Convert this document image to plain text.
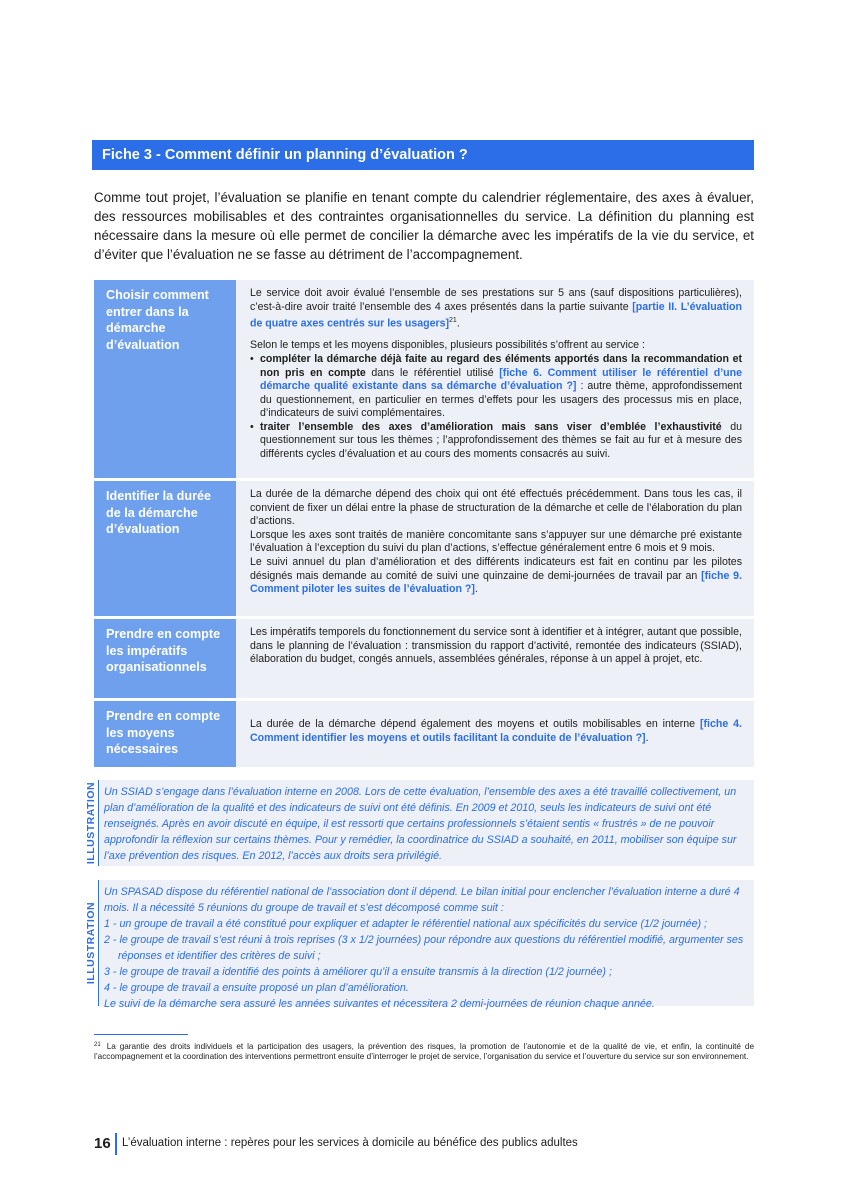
Fiche 3 - Comment définir un planning d’évaluation ?
Comme tout projet, l’évaluation se planifie en tenant compte du calendrier réglementaire, des axes à évaluer, des ressources mobilisables et des contraintes organisationnelles du service. La définition du planning est nécessaire dans la mesure où elle permet de concilier la démarche avec les impératifs de la vie du service, et d’éviter que l’évaluation ne se fasse au détriment de l’accompagnement.
Choisir comment entrer dans la démarche d’évaluation

Le service doit avoir évalué l’ensemble de ses prestations sur 5 ans (sauf dispositions particulières), c’est-à-dire avoir traité l’ensemble des 4 axes présentés dans la partie suivante [partie II. L’évaluation de quatre axes centrés sur les usagers]$^{21}$.

Selon le temps et les moyens disponibles, plusieurs possibilités s’offrent au service :

• compléter la démarche déjà faite au regard des éléments apportés dans la recommandation et non pris en compte dans le référentiel utilisé [fiche 6. Comment utiliser le référentiel d’une démarche qualité existante dans sa démarche d’évaluation ?] : autre thème, approfondissement du questionnement, en particulier en termes d’effets pour les usagers des processus mis en place, d’indicateurs de suivi complémentaires.
• traiter l’ensemble des axes d’amélioration mais sans viser d’emblée l’exhaustivité du questionnement sur tous les thèmes ; l’approfondissement des thèmes se fait au fur et à mesure des différents cycles d’évaluation et au cours des moments consacrés au suivi.
Identifier la durée de la démarche d’évaluation

La durée de la démarche dépend des choix qui ont été effectués précédemment. Dans tous les cas, il convient de fixer un délai entre la phase de structuration de la démarche et celle de l’élaboration du plan d’actions.

Lorsque les axes sont traités de manière concomitante sans s’appuyer sur une démarche pré existante l’évaluation à l’exception du suivi du plan d’actions, s’effectue généralement entre 6 mois et 9 mois.

Le suivi annuel du plan d’amélioration et des différents indicateurs est fait en continu par les pilotes désignés mais demande au comité de suivi une quinzaine de demi-journées de travail par an [fiche 9. Comment piloter les suites de l’évaluation ?].

Prendre en compte les impératifs organisationnels

Les impératifs temporels du fonctionnement du service sont à identifier et à intégrer, autant que possible, dans le planning de l’évaluation : transmission du rapport d’activité, remontée des indicateurs (SSIAD), élaboration du budget, congés annuels, assemblées générales, réponse à un appel à projet, etc.

Prendre en compte les moyens nécessaires

La durée de la démarche dépend également des moyens et outils mobilisables en interne [fiche 4. Comment identifier les moyens et outils facilitant la conduite de l’évaluation ?].

ILLUSTRATION Un SSIAD s’engage dans l’évaluation interne en 2008. Lors de cette évaluation, l’ensemble des axes a été travaillé collectivement, un plan d’amélioration de la qualité et des indicateurs de suivi ont été définis. En 2009 et 2010, seuls les indicateurs de suivi ont été renseignés. Après en avoir discuté en équipe, il est ressorti que certains professionnels s’étaient sentis « frustrés » de ne pouvoir approfondir la réflexion sur certains thèmes. Pour y remédier, la coordinatrice du SSIAD a souhaité, en 2011, mobiliser son équipe sur l’axe prévention des risques. En 2012, l’accès aux droits sera privilégié.

ILLUSTRATION

Un SPASAD dispose du référentiel national de l’association dont il dépend. Le bilan initial pour enclencher l’évaluation interne a duré 4 mois. Il a nécessité 5 réunions du groupe de travail et s’est décomposé comme suit :

1 - un groupe de travail a été constitué pour expliquer et adapter le référentiel national aux spécificités du service (1/2 journée) ;

2 - le groupe de travail s’est réuni à trois reprises (3 x 1/2 journées) pour répondre aux questions du référentiel modifié, argumenter ses réponses et identifier des critères de suivi ;

3 - le groupe de travail a identifié des points à améliorer qu’il a ensuite transmis à la direction (1/2 journée) ;

4 - le groupe de travail a ensuite proposé un plan d’amélioration.

Le suivi de la démarche sera assuré les années suivantes et nécessitera 2 demi-journées de réunion chaque année.

$^{21}$ La garantie des droits individuels et la participation des usagers, la prévention des risques, la promotion de l’autonomie et de la qualité de vie, et enfin, la continuité de l’accompagnement et la coordination des interventions permettront ensuite d’interroger le projet de service, l’organisation du service et l’ouverture du service sur son environnement.
16 L’évaluation interne : repères pour les services à domicile au bénéfice des publics adultes
